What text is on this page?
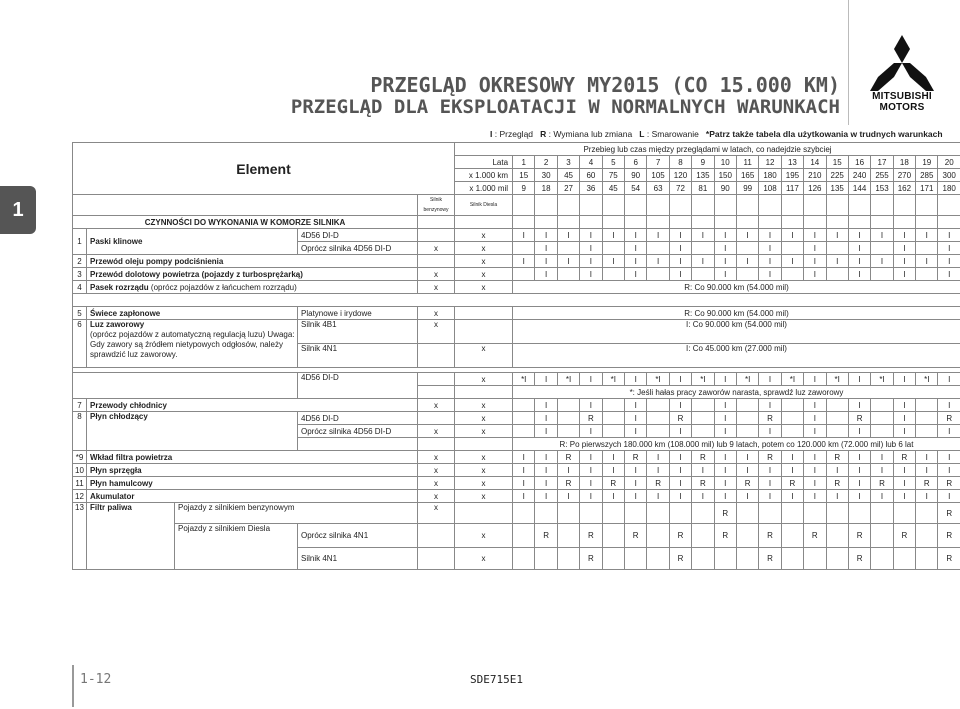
PRZEGLĄD OKRESOWY MY2015 (CO 15.000 KM)
PRZEGLĄD DLA EKSPLOATACJI W NORMALNYCH WARUNKACH	MITSUBISHI
MOTORS
I : Przegląd R : Wymiana lub zmiana L : Smarowanie *Patrz także tabela dla użytkowania w trudnych warunkach
1
Element					Przebieg lub czas między przeglądami w latach, co nadejdzie szybciej																				
					Lata	1	2	3	4	5	6	7	8	9	10	11	12	13	14	15	16	17	18	19	20
					x 1.000 km	15	30	45	60	75	90	105	120	135	150	165	180	195	210	225	240	255	270	285	300
					x 1.000 mil	9	18	27	36	45	54	63	72	81	90	99	108	117	126	135	144	153	162	171	180
				Silnik benzynowy	Silnik Diesla																				
CZYNNOŚCI DO WYKONANIA W KOMORZE SILNIKA																									
1	Paski klinowe		4D56 DI-D		x	I	I	I	I	I	I	I	I	I	I	I	I	I	I	I	I	I	I	I	I
			Oprócz silnika 4D56 DI-D	x	x		I		I		I		I		I		I		I		I		I		I
2	Przewód oleju pompy podciśnienia				x	I	I	I	I	I	I	I	I	I	I	I	I	I	I	I	I	I	I	I	I
3	Przewód dolotowy powietrza (pojazdy z turbosprężarką)			x	x		I		I		I		I		I		I		I		I		I		I
4	Pasek rozrządu (oprócz pojazdów z łańcuchem rozrządu)			x	x	R: Co 90.000 km (54.000 mil)																			

5	Świece zapłonowe		Platynowe i irydowe	x		R: Co 90.000 km (54.000 mil)																			
6	Luz zaworowy
(oprócz pojazdów z automatyczną regulacją luzu) Uwaga: Gdy zawory są źródłem nietypowych odgłosów, należy sprawdzić luz zaworowy.		Silnik 4B1	x		I: Co 90.000 km (54.000 mil)																			
			Silnik 4N1		x	I: Co 45.000 km (27.000 mil)																			

			4D56 DI-D		x	*I	I	*I	I	*I	I	*I	I	*I	I	*I	I	*I	I	*I	I	*I	I	*I	I
						*: Jeśli hałas pracy zaworów narasta, sprawdź luz zaworowy																			
7	Przewody chłodnicy			x	x		I		I		I		I		I		I		I		I		I		I
8	Płyn chłodzący		4D56 DI-D		x		I		R		I		R		I		R		I		R		I		R
			Oprócz silnika 4D56 DI-D	x	x		I		I		I		I		I		I		I		I		I		I
						R: Po pierwszych 180.000 km (108.000 mil) lub 9 latach, potem co 120.000 km (72.000 mil) lub 6 lat																			
*9	Wkład filtra powietrza			x	x	I	I	R	I	I	R	I	I	R	I	I	R	I	I	R	I	I	R	I	I
10	Płyn sprzęgła			x	x	I	I	I	I	I	I	I	I	I	I	I	I	I	I	I	I	I	I	I	I
11	Płyn hamulcowy			x	x	I	I	R	I	R	I	R	I	R	I	R	I	R	I	R	I	R	I	R	R
12	Akumulator			x	x	I	I	I	I	I	I	I	I	I	I	I	I	I	I	I	I	I	I	I	I
13	Filtr paliwa	Pojazdy z silnikiem benzynowym		x											R										R
		Pojazdy z silnikiem Diesla	Oprócz silnika 4N1		x		R		R		R		R		R		R		R		R		R		R
			Silnik 4N1		x				R				R				R				R				R
1-12	SDE715E1
